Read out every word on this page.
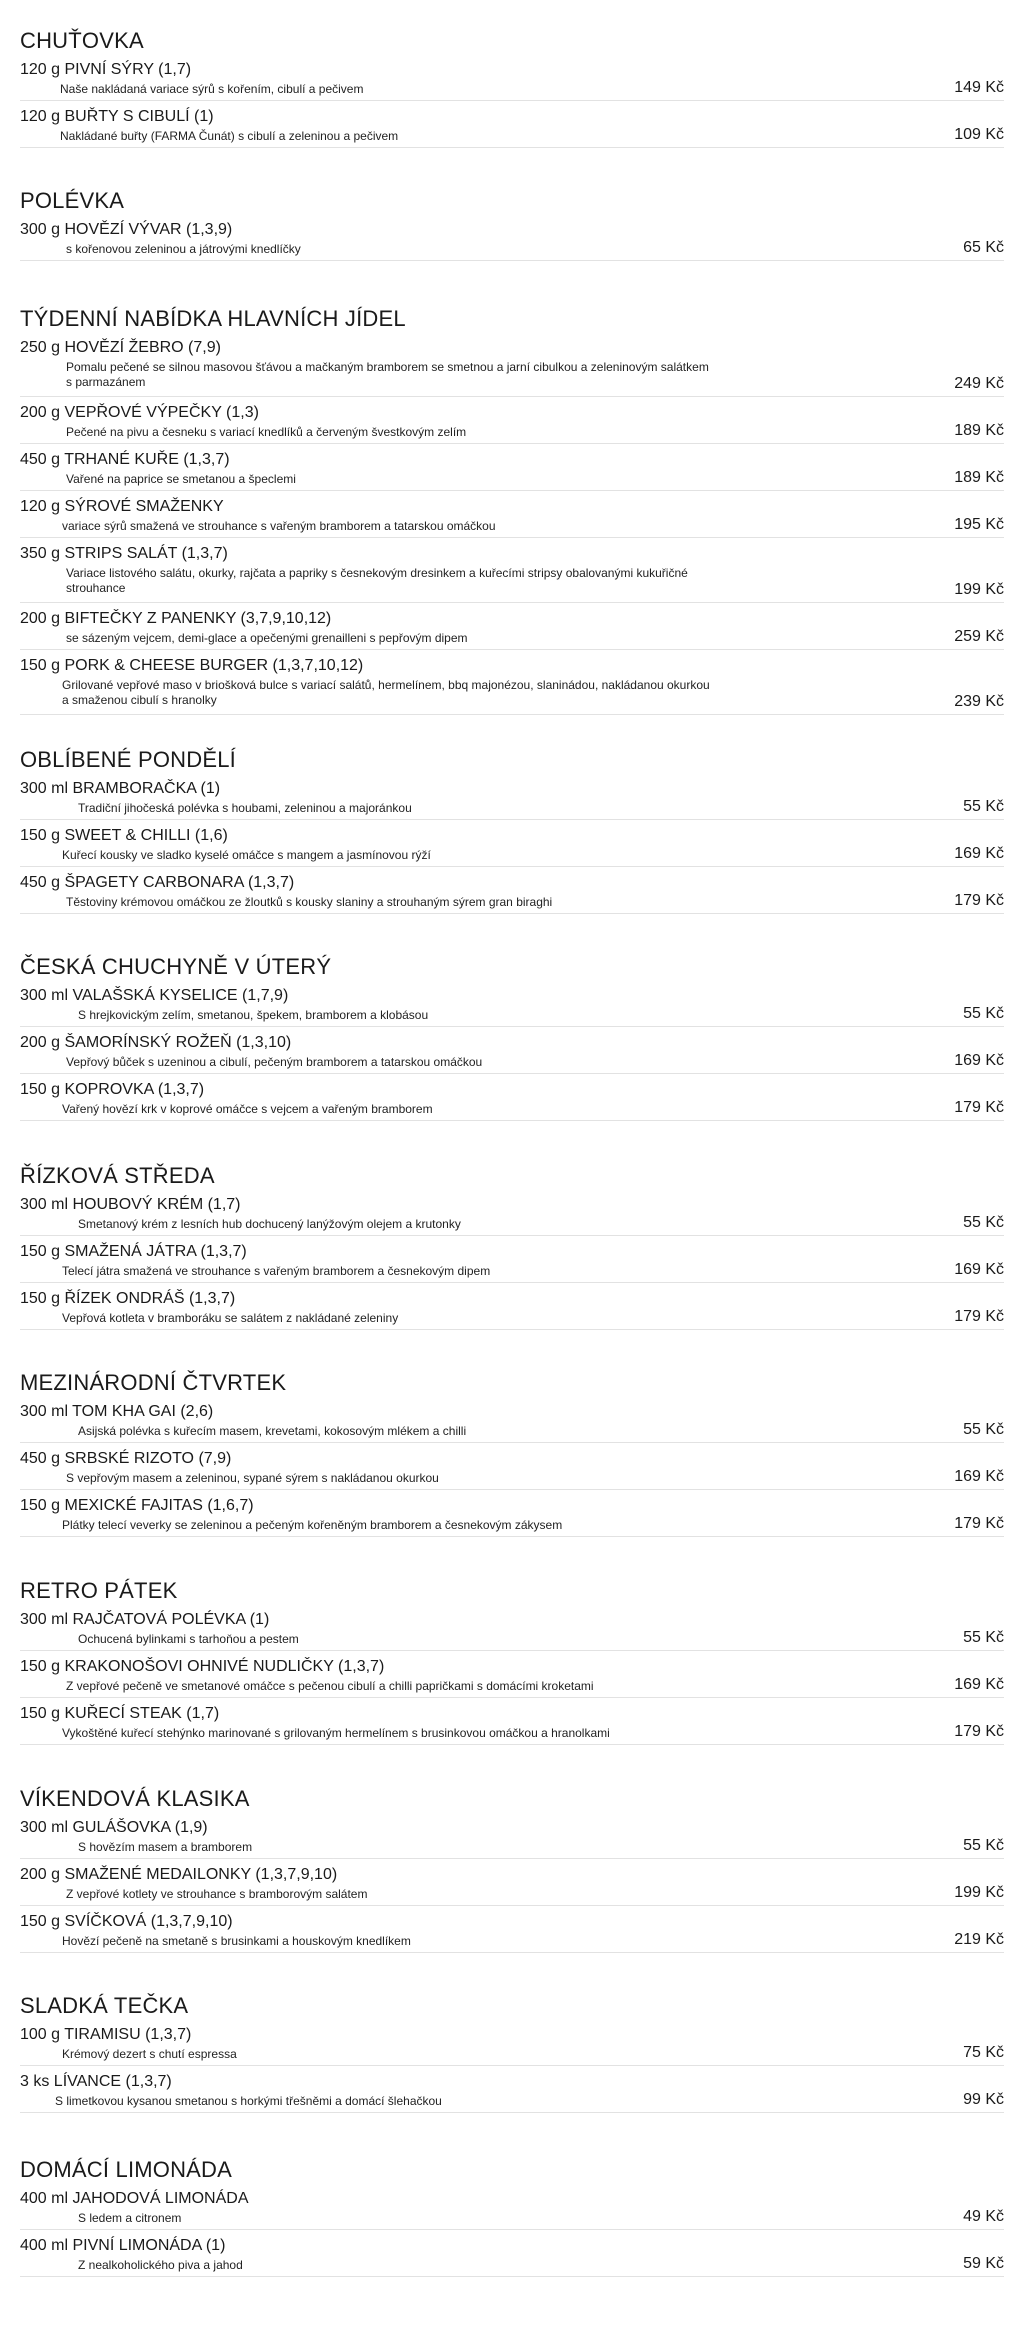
CHUŤOVKA
120 g PIVNÍ SÝRY (1,7)
Naše nakládaná variace sýrů s kořením, cibulí a pečivem	149 Kč
120 g BUŘTY S CIBULÍ (1)
Nakládané buřty (FARMA Čunát) s cibulí a zeleninou a pečivem	109 Kč
POLÉVKA
300 g HOVĚZÍ VÝVAR (1,3,9)
s kořenovou zeleninou a játrovými knedlíčky	65 Kč
TÝDENNÍ NABÍDKA HLAVNÍCH JÍDEL
250 g HOVĚZÍ ŽEBRO (7,9)
Pomalu pečené se silnou masovou šťávou a mačkaným bramborem se smetnou a jarní cibulkou a zeleninovým salátkem s parmazánem	249 Kč
200 g VEPŘOVÉ VÝPEČKY (1,3)
Pečené na pivu a česneku s variací knedlíků a červeným švestkovým zelím	189 Kč
450 g TRHANÉ KUŘE (1,3,7)
Vařené na paprice se smetanou a špeclemi	189 Kč
120 g SÝROVÉ SMAŽENKY
variace sýrů smažená ve strouhance s vařeným bramborem a tatarskou omáčkou	195 Kč
350 g STRIPS SALÁT (1,3,7)
Variace listového salátu, okurky, rajčata a papriky s česnekovým dresinkem a kuřecími stripsy obalovanými kukuřičné strouhance	199 Kč
200 g BIFTEČKY Z PANENKY (3,7,9,10,12)
se sázeným vejcem, demi-glace a opečenými grenailleni s pepřovým dipem	259 Kč
150 g PORK & CHEESE BURGER (1,3,7,10,12)
Grilované vepřové maso v briošková bulce s variací salátů, hermelínem, bbq majonézou, slaninádou, nakládanou okurkou a smaženou cibulí s hranolky	239 Kč
OBLÍBENÉ PONDĚLÍ
300 ml BRAMBORAČKA (1)
Tradiční jihočeská polévka s houbami, zeleninou a majoránkou	55 Kč
150 g SWEET & CHILLI (1,6)
Kuřecí kousky ve sladko kyselé omáčce s mangem a jasmínovou rýží	169 Kč
450 g ŠPAGETY CARBONARA (1,3,7)
Těstoviny krémovou omáčkou ze žloutků s kousky slaniny a strouhaným sýrem gran biraghi	179 Kč
ČESKÁ CHUCHYNĚ V ÚTERÝ
300 ml VALAŠSKÁ KYSELICE (1,7,9)
S hrejkovickým zelím, smetanou, špekem, bramborem a klobásou	55 Kč
200 g ŠAMORÍNSKÝ ROŽEŇ (1,3,10)
Vepřový bůček s uzeninou a cibulí, pečeným bramborem a tatarskou omáčkou	169 Kč
150 g KOPROVKA (1,3,7)
Vařený hovězí krk v koprové omáčce s vejcem a vařeným bramborem	179 Kč
ŘÍZKOVÁ STŘEDA
300 ml HOUBOVÝ KRÉM (1,7)
Smetanový krém z lesních hub dochucený lanýžovým olejem a krutonky	55 Kč
150 g SMAŽENÁ JÁTRA (1,3,7)
Telecí játra smažená ve strouhance s vařeným bramborem a česnekovým dipem	169 Kč
150 g ŘÍZEK ONDRÁŠ (1,3,7)
Vepřová kotleta v bramboráku se salátem z nakládané zeleniny	179 Kč
MEZINÁRODNÍ ČTVRTEK
300 ml TOM KHA GAI (2,6)
Asijská polévka s kuřecím masem, krevetami, kokosovým mlékem a chilli	55 Kč
450 g SRBSKÉ RIZOTO (7,9)
S vepřovým masem a zeleninou, sypané sýrem s nakládanou okurkou	169 Kč
150 g MEXICKÉ FAJITAS (1,6,7)
Plátky telecí veverky se zeleninou a pečeným kořeněným bramborem a česnekovým zákysem	179 Kč
RETRO PÁTEK
300 ml RAJČATOVÁ POLÉVKA (1)
Ochucená bylinkami s tarhoňou a pestem	55 Kč
150 g KRAKONOŠOVI OHNIVÉ NUDLIČKY (1,3,7)
Z vepřové pečeně ve smetanové omáčce s pečenou cibulí a chilli papričkami s domácími kroketami	169 Kč
150 g KUŘECÍ STEAK (1,7)
Vykoštěné kuřecí stehýnko marinované s grilovaným hermelínem s brusinkovou omáčkou a hranolkami	179 Kč
VÍKENDOVÁ KLASIKA
300 ml GULÁŠOVKA (1,9)
S hovězím masem a bramborem	55 Kč
200 g SMAŽENÉ MEDAILONKY (1,3,7,9,10)
Z vepřové kotlety ve strouhance s bramborovým salátem	199 Kč
150 g SVÍČKOVÁ (1,3,7,9,10)
Hovězí pečeně na smetaně s brusinkami a houskovým knedlíkem	219 Kč
SLADKÁ TEČKA
100 g TIRAMISU (1,3,7)
Krémový dezert s chutí espressa	75 Kč
3 ks LÍVANCE (1,3,7)
S limetkovou kysanou smetanou s horkými třešněmi a domácí šlehačkou	99 Kč
DOMÁCÍ LIMONÁDA
400 ml JAHODOVÁ LIMONÁDA
S ledem a citronem	49 Kč
400 ml PIVNÍ LIMONÁDA (1)
Z nealkoholického piva a jahod	59 Kč
